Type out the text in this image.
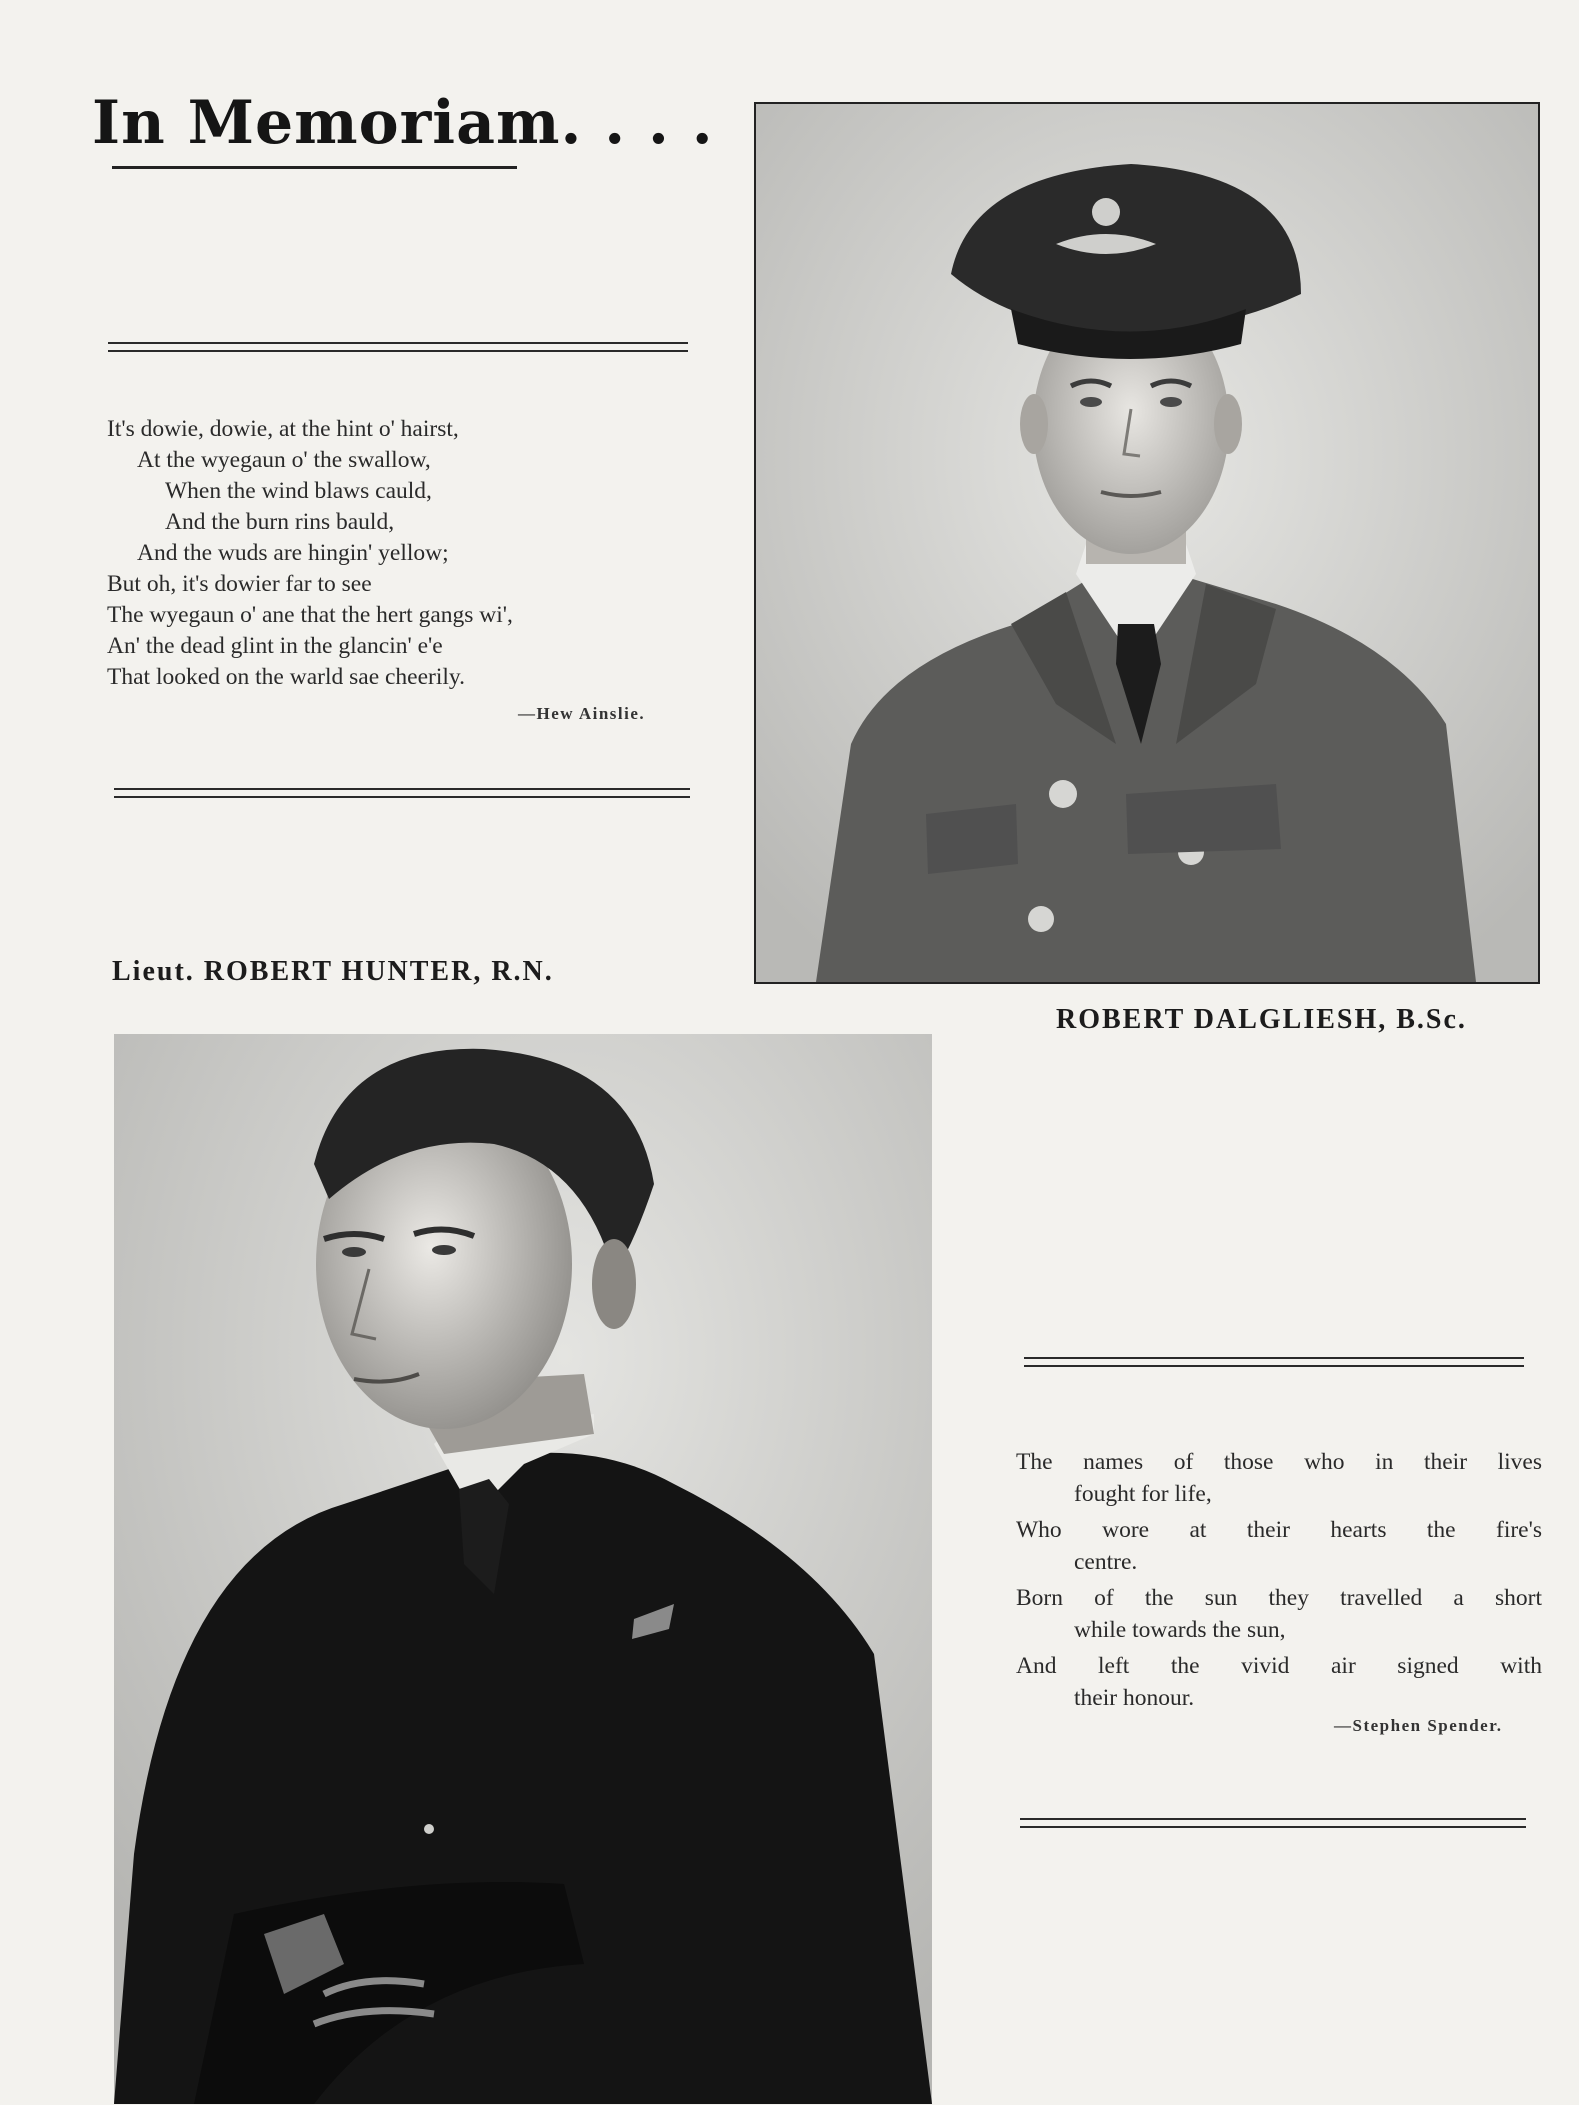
In Memoriam. . . .
It's dowie, dowie, at the hint o' hairst,
At the wyegaun o' the swallow,
When the wind blaws cauld,
And the burn rins bauld,
And the wuds are hingin' yellow;
But oh, it's dowier far to see
The wyegaun o' ane that the hert gangs wi',
An' the dead glint in the glancin' e'e
That looked on the warld sae cheerily.
—Hew Ainslie.
Lieut. ROBERT HUNTER, R.N.
ROBERT DALGLIESH, B.Sc.
The names of those who in their lives
fought for life,
Who wore at their hearts the fire's
centre.
Born of the sun they travelled a short
while towards the sun,
And left the vivid air signed with
their honour.
—Stephen Spender.
